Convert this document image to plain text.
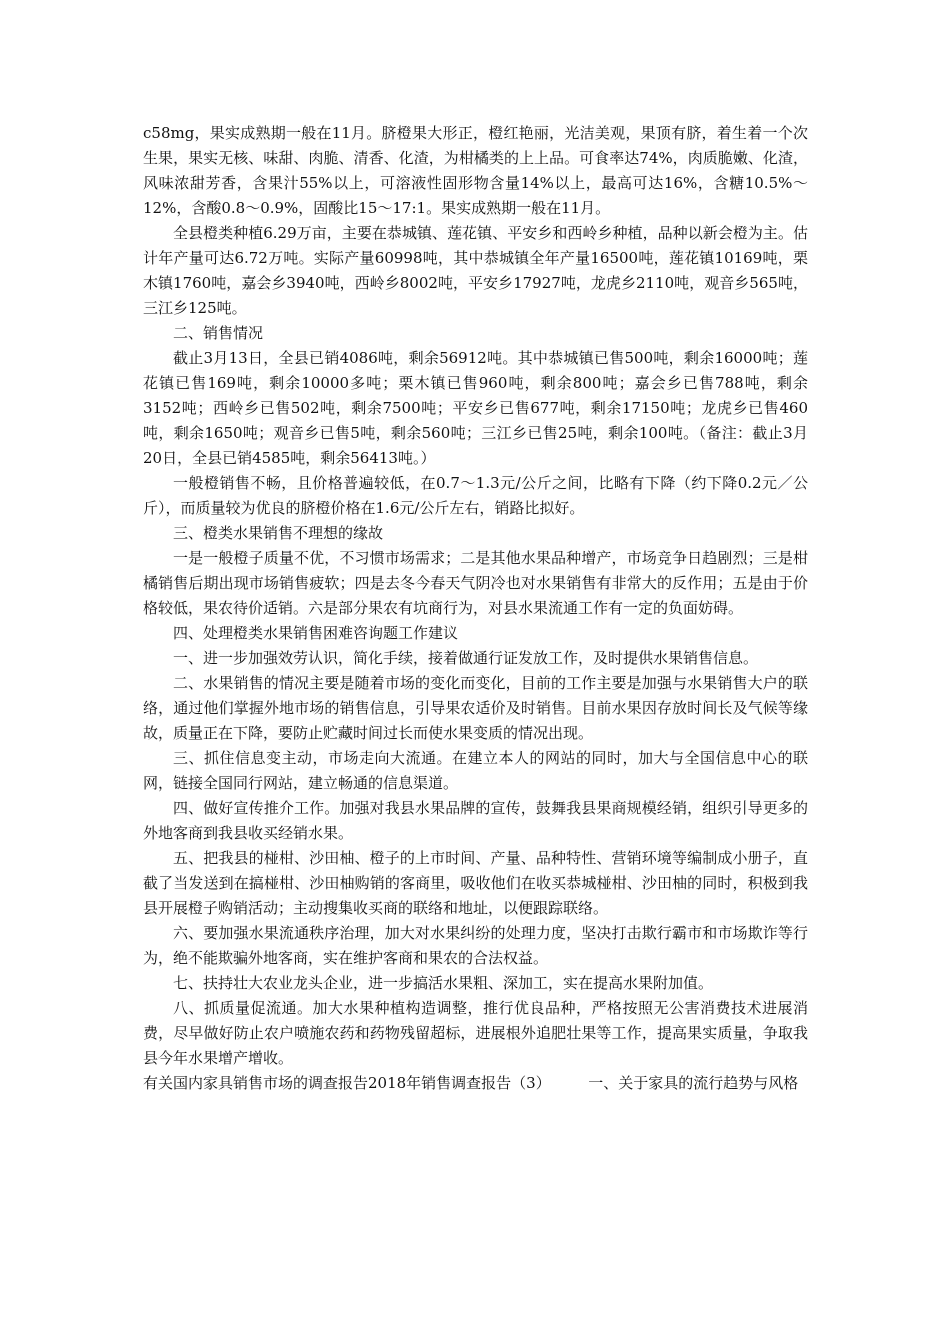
c58mg，果实成熟期一般在11月。脐橙果大形正，橙红艳丽，光洁美观，果顶有脐，着生着一个次生果，果实无核、味甜、肉脆、清香、化渣，为柑橘类的上上品。可食率达74%，肉质脆嫩、化渣，风味浓甜芳香，含果汁55%以上，可溶液性固形物含量14%以上，最高可达16%，含糖10.5%～12%，含酸0.8～0.9%，固酸比15～17:1。果实成熟期一般在11月。

全县橙类种植6.29万亩，主要在恭城镇、莲花镇、平安乡和西岭乡种植，品种以新会橙为主。估计年产量可达6.72万吨。实际产量60998吨，其中恭城镇全年产量16500吨，莲花镇10169吨，栗木镇1760吨，嘉会乡3940吨，西岭乡8002吨，平安乡17927吨，龙虎乡2110吨，观音乡565吨，三江乡125吨。

二、销售情况

截止3月13日，全县已销4086吨，剩余56912吨。其中恭城镇已售500吨，剩余16000吨；莲花镇已售169吨，剩余10000多吨；栗木镇已售960吨，剩余800吨；嘉会乡已售788吨，剩余3152吨；西岭乡已售502吨，剩余7500吨；平安乡已售677吨，剩余17150吨；龙虎乡已售460吨，剩余1650吨；观音乡已售5吨，剩余560吨；三江乡已售25吨，剩余100吨。（备注：截止3月20日，全县已销4585吨，剩余56413吨。）

一般橙销售不畅，且价格普遍较低，在0.7～1.3元/公斤之间，比略有下降（约下降0.2元／公斤），而质量较为优良的脐橙价格在1.6元/公斤左右，销路比拟好。

三、橙类水果销售不理想的缘故

一是一般橙子质量不优，不习惯市场需求；二是其他水果品种增产，市场竞争日趋剧烈；三是柑橘销售后期出现市场销售疲软；四是去冬今春天气阴冷也对水果销售有非常大的反作用；五是由于价格较低，果农待价适销。六是部分果农有坑商行为，对县水果流通工作有一定的负面妨碍。

四、处理橙类水果销售困难咨询题工作建议

一、进一步加强效劳认识，简化手续，接着做通行证发放工作，及时提供水果销售信息。

二、水果销售的情况主要是随着市场的变化而变化，目前的工作主要是加强与水果销售大户的联络，通过他们掌握外地市场的销售信息，引导果农适价及时销售。目前水果因存放时间长及气候等缘故，质量正在下降，要防止贮藏时间过长而使水果变质的情况出现。

三、抓住信息变主动，市场走向大流通。在建立本人的网站的同时，加大与全国信息中心的联网，链接全国同行网站，建立畅通的信息渠道。

四、做好宣传推介工作。加强对我县水果品牌的宣传，鼓舞我县果商规模经销，组织引导更多的外地客商到我县收买经销水果。

五、把我县的椪柑、沙田柚、橙子的上市时间、产量、品种特性、营销环境等编制成小册子，直截了当发送到在搞椪柑、沙田柚购销的客商里，吸收他们在收买恭城椪柑、沙田柚的同时，积极到我县开展橙子购销活动；主动搜集收买商的联络和地址，以便跟踪联络。

六、要加强水果流通秩序治理，加大对水果纠纷的处理力度，坚决打击欺行霸市和市场欺诈等行为，绝不能欺骗外地客商，实在维护客商和果农的合法权益。

七、扶持壮大农业龙头企业，进一步搞活水果粗、深加工，实在提高水果附加值。

八、抓质量促流通。加大水果种植构造调整，推行优良品种，严格按照无公害消费技术进展消费，尽早做好防止农户喷施农药和药物残留超标，进展根外追肥壮果等工作，提高果实质量，争取我县今年水果增产增收。

有关国内家具销售市场的调查报告2018年销售调查报告（3）　　　一、关于家具的流行趋势与风格
